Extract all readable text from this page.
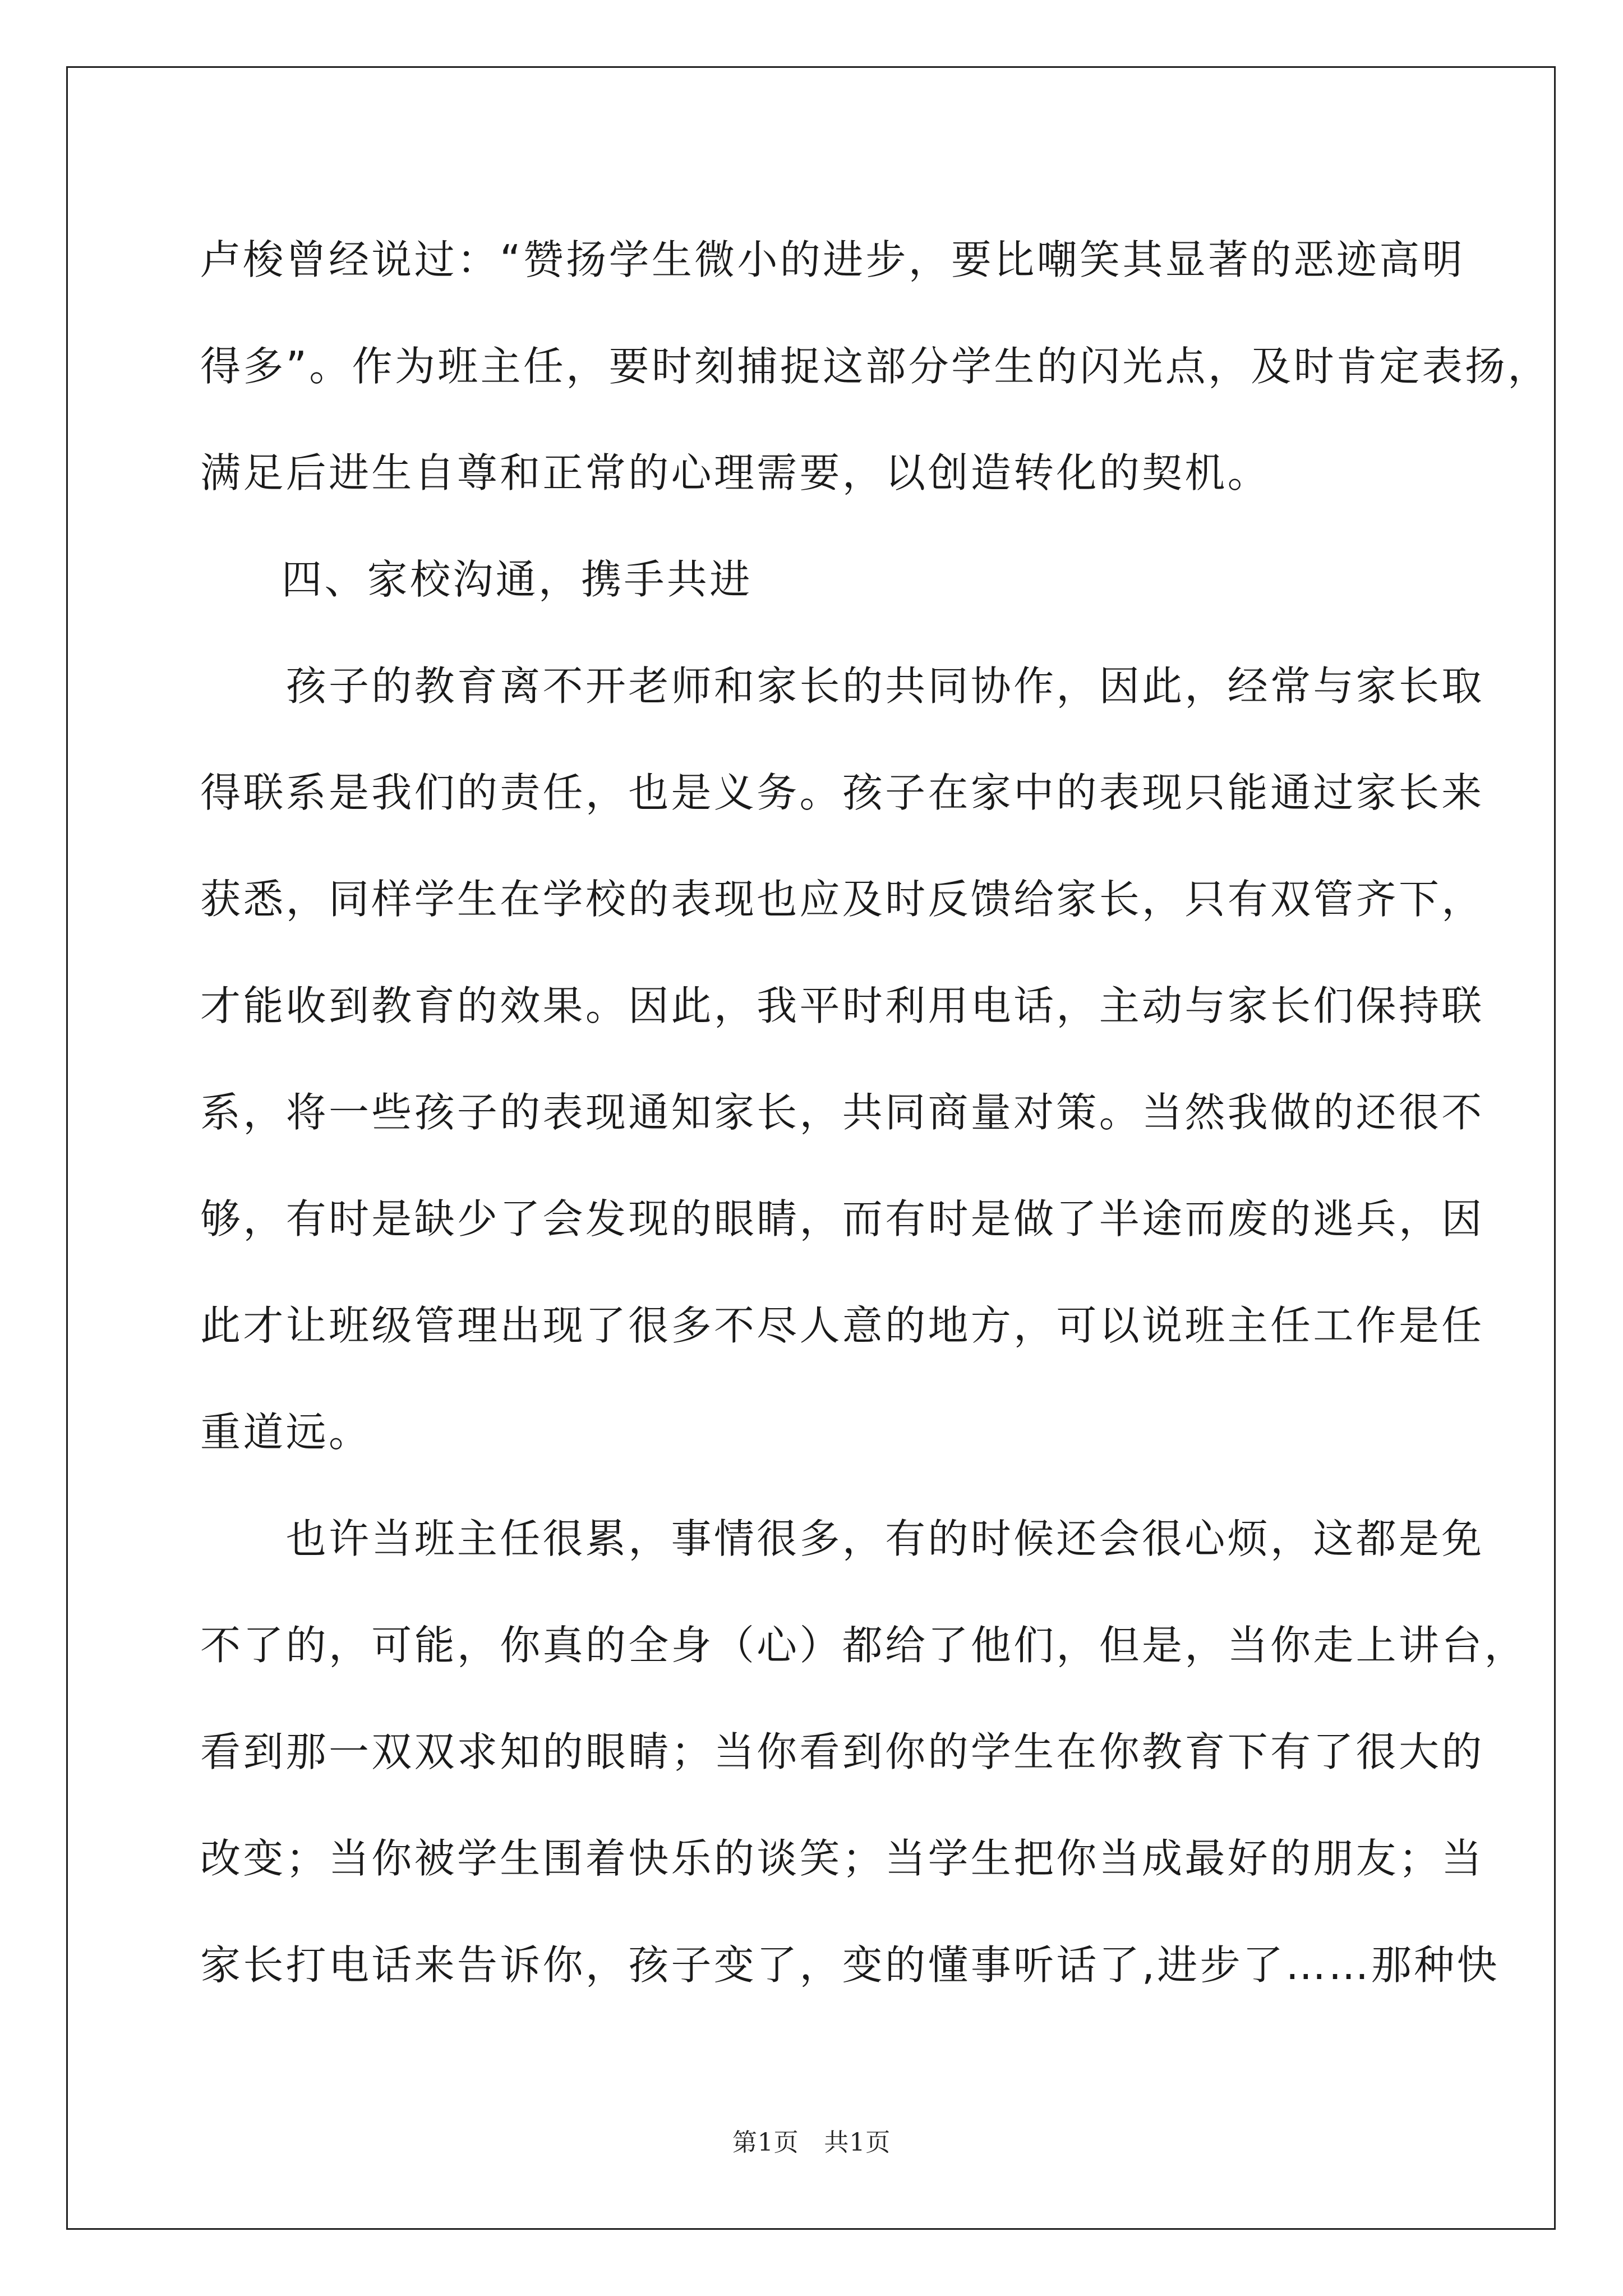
卢梭曾经说过：“赞扬学生微小的进步，要比嘲笑其显著的恶迹高明
得多”。作为班主任，要时刻捕捉这部分学生的闪光点，及时肯定表扬，
满足后进生自尊和正常的心理需要，以创造转化的契机。
四、家校沟通，携手共进
　　孩子的教育离不开老师和家长的共同协作，因此，经常与家长取
得联系是我们的责任，也是义务。孩子在家中的表现只能通过家长来
获悉，同样学生在学校的表现也应及时反馈给家长，只有双管齐下，
才能收到教育的效果。因此，我平时利用电话，主动与家长们保持联
系，将一些孩子的表现通知家长，共同商量对策。当然我做的还很不
够，有时是缺少了会发现的眼睛，而有时是做了半途而废的逃兵，因
此才让班级管理出现了很多不尽人意的地方，可以说班主任工作是任
重道远。
　　也许当班主任很累，事情很多，有的时候还会很心烦，这都是免
不了的，可能，你真的全身（心）都给了他们，但是，当你走上讲台，
看到那一双双求知的眼睛；当你看到你的学生在你教育下有了很大的
改变；当你被学生围着快乐的谈笑；当学生把你当成最好的朋友；当
家长打电话来告诉你，孩子变了，变的懂事听话了,进步了……那种快
第1页　共1页
